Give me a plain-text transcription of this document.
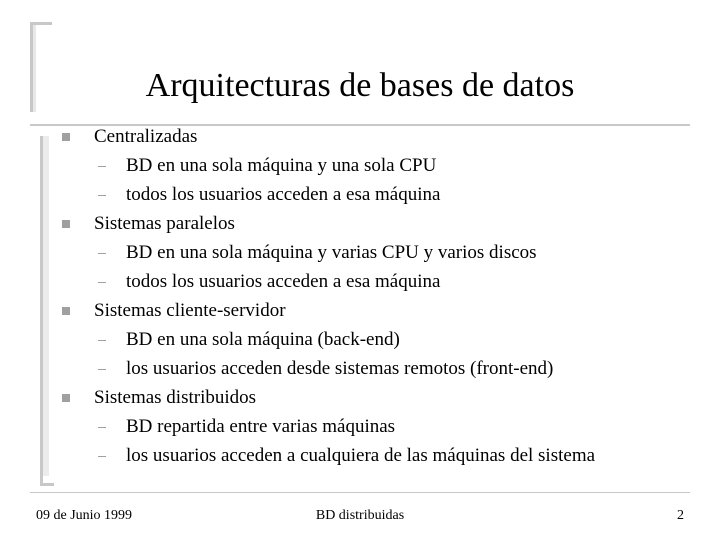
Arquitecturas de bases de datos
Centralizadas
BD en una sola máquina y una sola CPU
todos los usuarios acceden a esa máquina
Sistemas paralelos
BD en una sola máquina y varias CPU y varios discos
todos los usuarios acceden a esa máquina
Sistemas cliente-servidor
BD en una sola máquina (back-end)
los usuarios acceden desde sistemas remotos (front-end)
Sistemas distribuidos
BD repartida entre varias máquinas
los usuarios acceden a cualquiera de las máquinas del sistema
09 de Junio 1999	BD distribuidas	2
